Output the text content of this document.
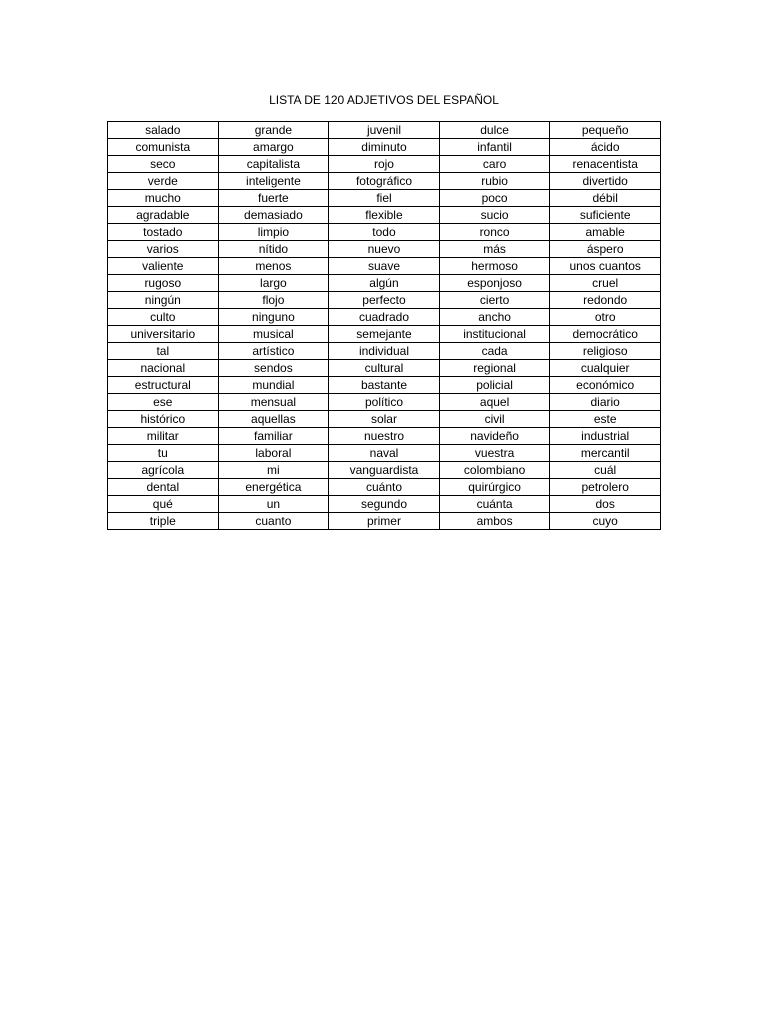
LISTA DE 120 ADJETIVOS DEL ESPAÑOL
salado	grande	juvenil	dulce	pequeño
comunista	amargo	diminuto	infantil	ácido
seco	capitalista	rojo	caro	renacentista
verde	inteligente	fotográfico	rubio	divertido
mucho	fuerte	fiel	poco	débil
agradable	demasiado	flexible	sucio	suficiente
tostado	limpio	todo	ronco	amable
varios	nítido	nuevo	más	áspero
valiente	menos	suave	hermoso	unos cuantos
rugoso	largo	algún	esponjoso	cruel
ningún	flojo	perfecto	cierto	redondo
culto	ninguno	cuadrado	ancho	otro
universitario	musical	semejante	institucional	democrático
tal	artístico	individual	cada	religioso
nacional	sendos	cultural	regional	cualquier
estructural	mundial	bastante	policial	económico
ese	mensual	político	aquel	diario
histórico	aquellas	solar	civil	este
militar	familiar	nuestro	navideño	industrial
tu	laboral	naval	vuestra	mercantil
agrícola	mi	vanguardista	colombiano	cuál
dental	energética	cuánto	quirúrgico	petrolero
qué	un	segundo	cuánta	dos
triple	cuanto	primer	ambos	cuyo
